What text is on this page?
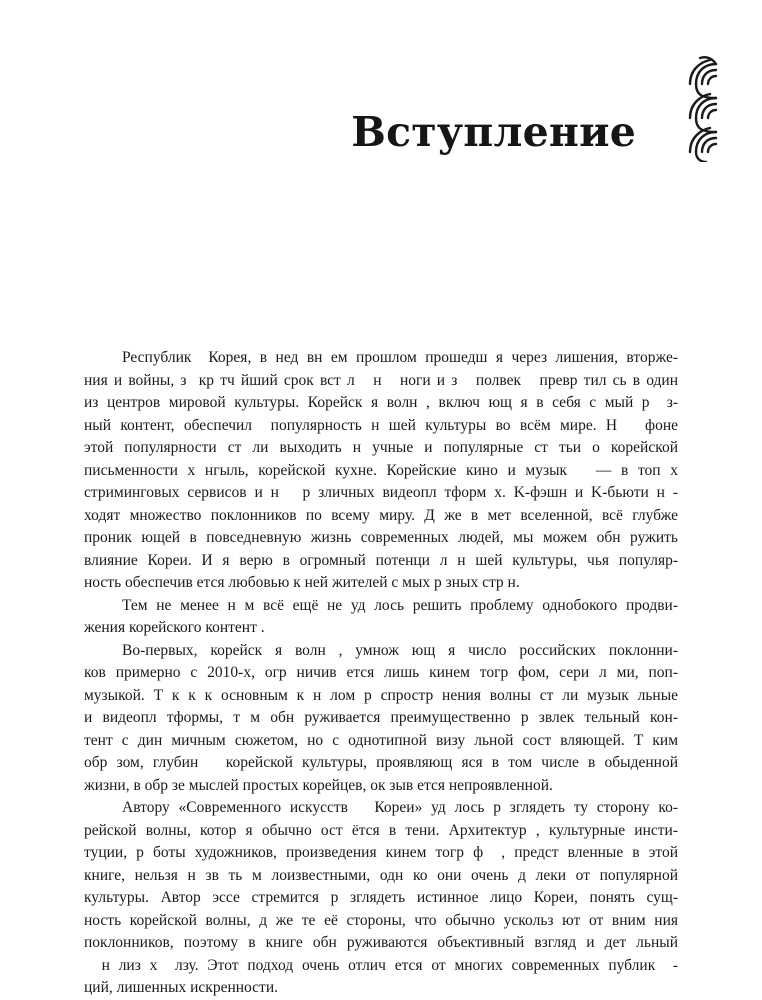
Вступление
Республик  Корея, в нед вн ем прошлом прошедш я через лишения, вторже-
ния и войны, з  кр тч йший срок вст л   н   ноги и з   полвек   превр тил сь в один
из центров мировой культуры. Корейск я волн , включ ющ я в себя с мый р  з-
ный контент, обеспечил  популярность н шей культуры во всём мире. Н   фоне
этой популярности ст ли выходить н учные и популярные ст тьи о корейской
письменности х нгыль, корейской кухне. Корейские кино и музык   — в топ х
стриминговых сервисов и н   р зличных видеопл тформ х. K-фэшн и K-бьюти н -
ходят множество поклонников по всему миру. Д же в мет вселенной, всё глубже
проник ющей в повседневную жизнь современных людей, мы можем обн ружить
влияние Кореи. И я верю в огромный потенци л н шей культуры, чья популяр-
ность обеспечив ется любовью к ней жителей с мых р зных стр н.
Тем не менее н м всё ещё не уд лось решить проблему однобокого продви-
жения корейского контент .
Во-первых, корейск я волн , умнож ющ я число российских поклонни-
ков примерно с 2010-х, огр ничив ется лишь кинем тогр фом, сери л ми, поп-
музыкой. Т к к к основным к н лом р спростр нения волны ст ли музык льные
и видеопл тформы, т м обн руживается преимущественно р звлек тельный кон-
тент с дин мичным сюжетом, но с однотипной визу льной сост вляющей. Т ким
обр зом, глубин   корейской культуры, проявляющ яся в том числе в обыденной
жизни, в обр зе мыслей простых корейцев, ок зыв ется непроявленной.
Автору «Современного искусств   Кореи» уд лось р зглядеть ту сторону ко-
рейской волны, котор я обычно ост ётся в тени. Архитектур , культурные инсти-
туции, р боты художников, произведения кинем тогр ф  , предст вленные в этой
книге, нельзя н зв ть м лоизвестными, одн ко они очень д леки от популярной
культуры. Автор эссе стремится р зглядеть истинное лицо Кореи, понять сущ-
ность корейской волны, д же те её стороны, что обычно ускольз ют от вним ния
поклонников, поэтому в книге обн руживаются объективный взгляд и дет льный
н лиз х  лзу. Этот подход очень отлич ется от многих современных публик  -
ций, лишенных искренности.
